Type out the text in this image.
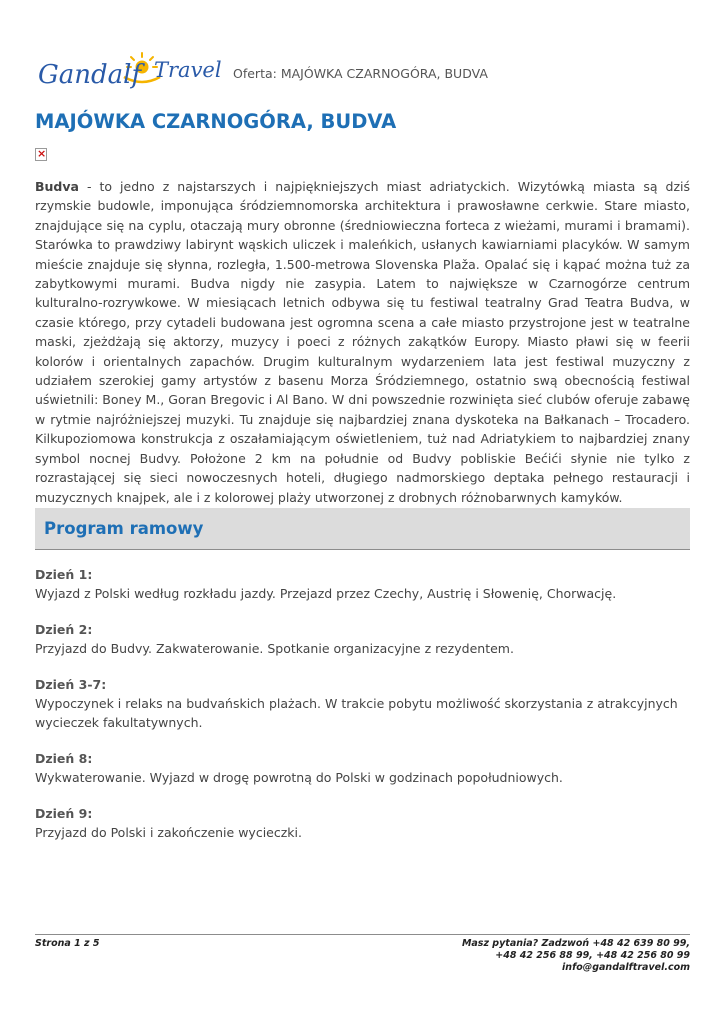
Gandalf Travel Oferta: MAJÓWKA CZARNOGÓRA, BUDVA
MAJÓWKA CZARNOGÓRA, BUDVA
×

Budva - to jedno z najstarszych i najpiękniejszych miast adriatyckich. Wizytówką miasta są dziś rzymskie budowle, imponująca śródziemnomorska architektura i prawosławne cerkwie. Stare miasto, znajdujące się na cyplu, otaczają mury obronne (średniowieczna forteca z wieżami, murami i bramami). Starówka to prawdziwy labirynt wąskich uliczek i maleńkich, usłanych kawiarniami placyków. W samym mieście znajduje się słynna, rozległa, 1.500-metrowa Slovenska Plaža. Opalać się i kąpać można tuż za zabytkowymi murami. Budva nigdy nie zasypia. Latem to największe w Czarnogórze centrum kulturalno-rozrywkowe. W miesiącach letnich odbywa się tu festiwal teatralny Grad Teatra Budva, w czasie którego, przy cytadeli budowana jest ogromna scena a całe miasto przystrojone jest w teatralne maski, zjeżdżają się aktorzy, muzycy i poeci z różnych zakątków Europy. Miasto pławi się w feerii kolorów i orientalnych zapachów. Drugim kulturalnym wydarzeniem lata jest festiwal muzyczny z udziałem szerokiej gamy artystów z basenu Morza Śródziemnego, ostatnio swą obecnością festiwal uświetnili: Boney M., Goran Bregovic i Al Bano. W dni powszednie rozwinięta sieć clubów oferuje zabawę w rytmie najróżniejszej muzyki. Tu znajduje się najbardziej znana dyskoteka na Bałkanach – Trocadero. Kilkupoziomowa konstrukcja z oszałamiającym oświetleniem, tuż nad Adriatykiem to najbardziej znany symbol nocnej Budvy. Położone 2 km na południe od Budvy pobliskie Bećići słynie nie tylko z rozrastającej się sieci nowoczesnych hoteli, długiego nadmorskiego deptaka pełnego restauracji i muzycznych knajpek, ale i z kolorowej plaży utworzonej z drobnych różnobarwnych kamyków.

Program ramowy
Dzień 1:
Wyjazd z Polski według rozkładu jazdy. Przejazd przez Czechy, Austrię i Słowenię, Chorwację.
Dzień 2:
Przyjazd do Budvy. Zakwaterowanie. Spotkanie organizacyjne z rezydentem.
Dzień 3-7:
Wypoczynek i relaks na budvańskich plażach. W trakcie pobytu możliwość skorzystania z atrakcyjnych wycieczek fakultatywnych.
Dzień 8:
Wykwaterowanie. Wyjazd w drogę powrotną do Polski w godzinach popołudniowych.
Dzień 9:
Przyjazd do Polski i zakończenie wycieczki.
Strona 1 z 5	Masz pytania? Zadzwoń +48 42 639 80 99,
+48 42 256 88 99, +48 42 256 80 99
info@gandalftravel.com
